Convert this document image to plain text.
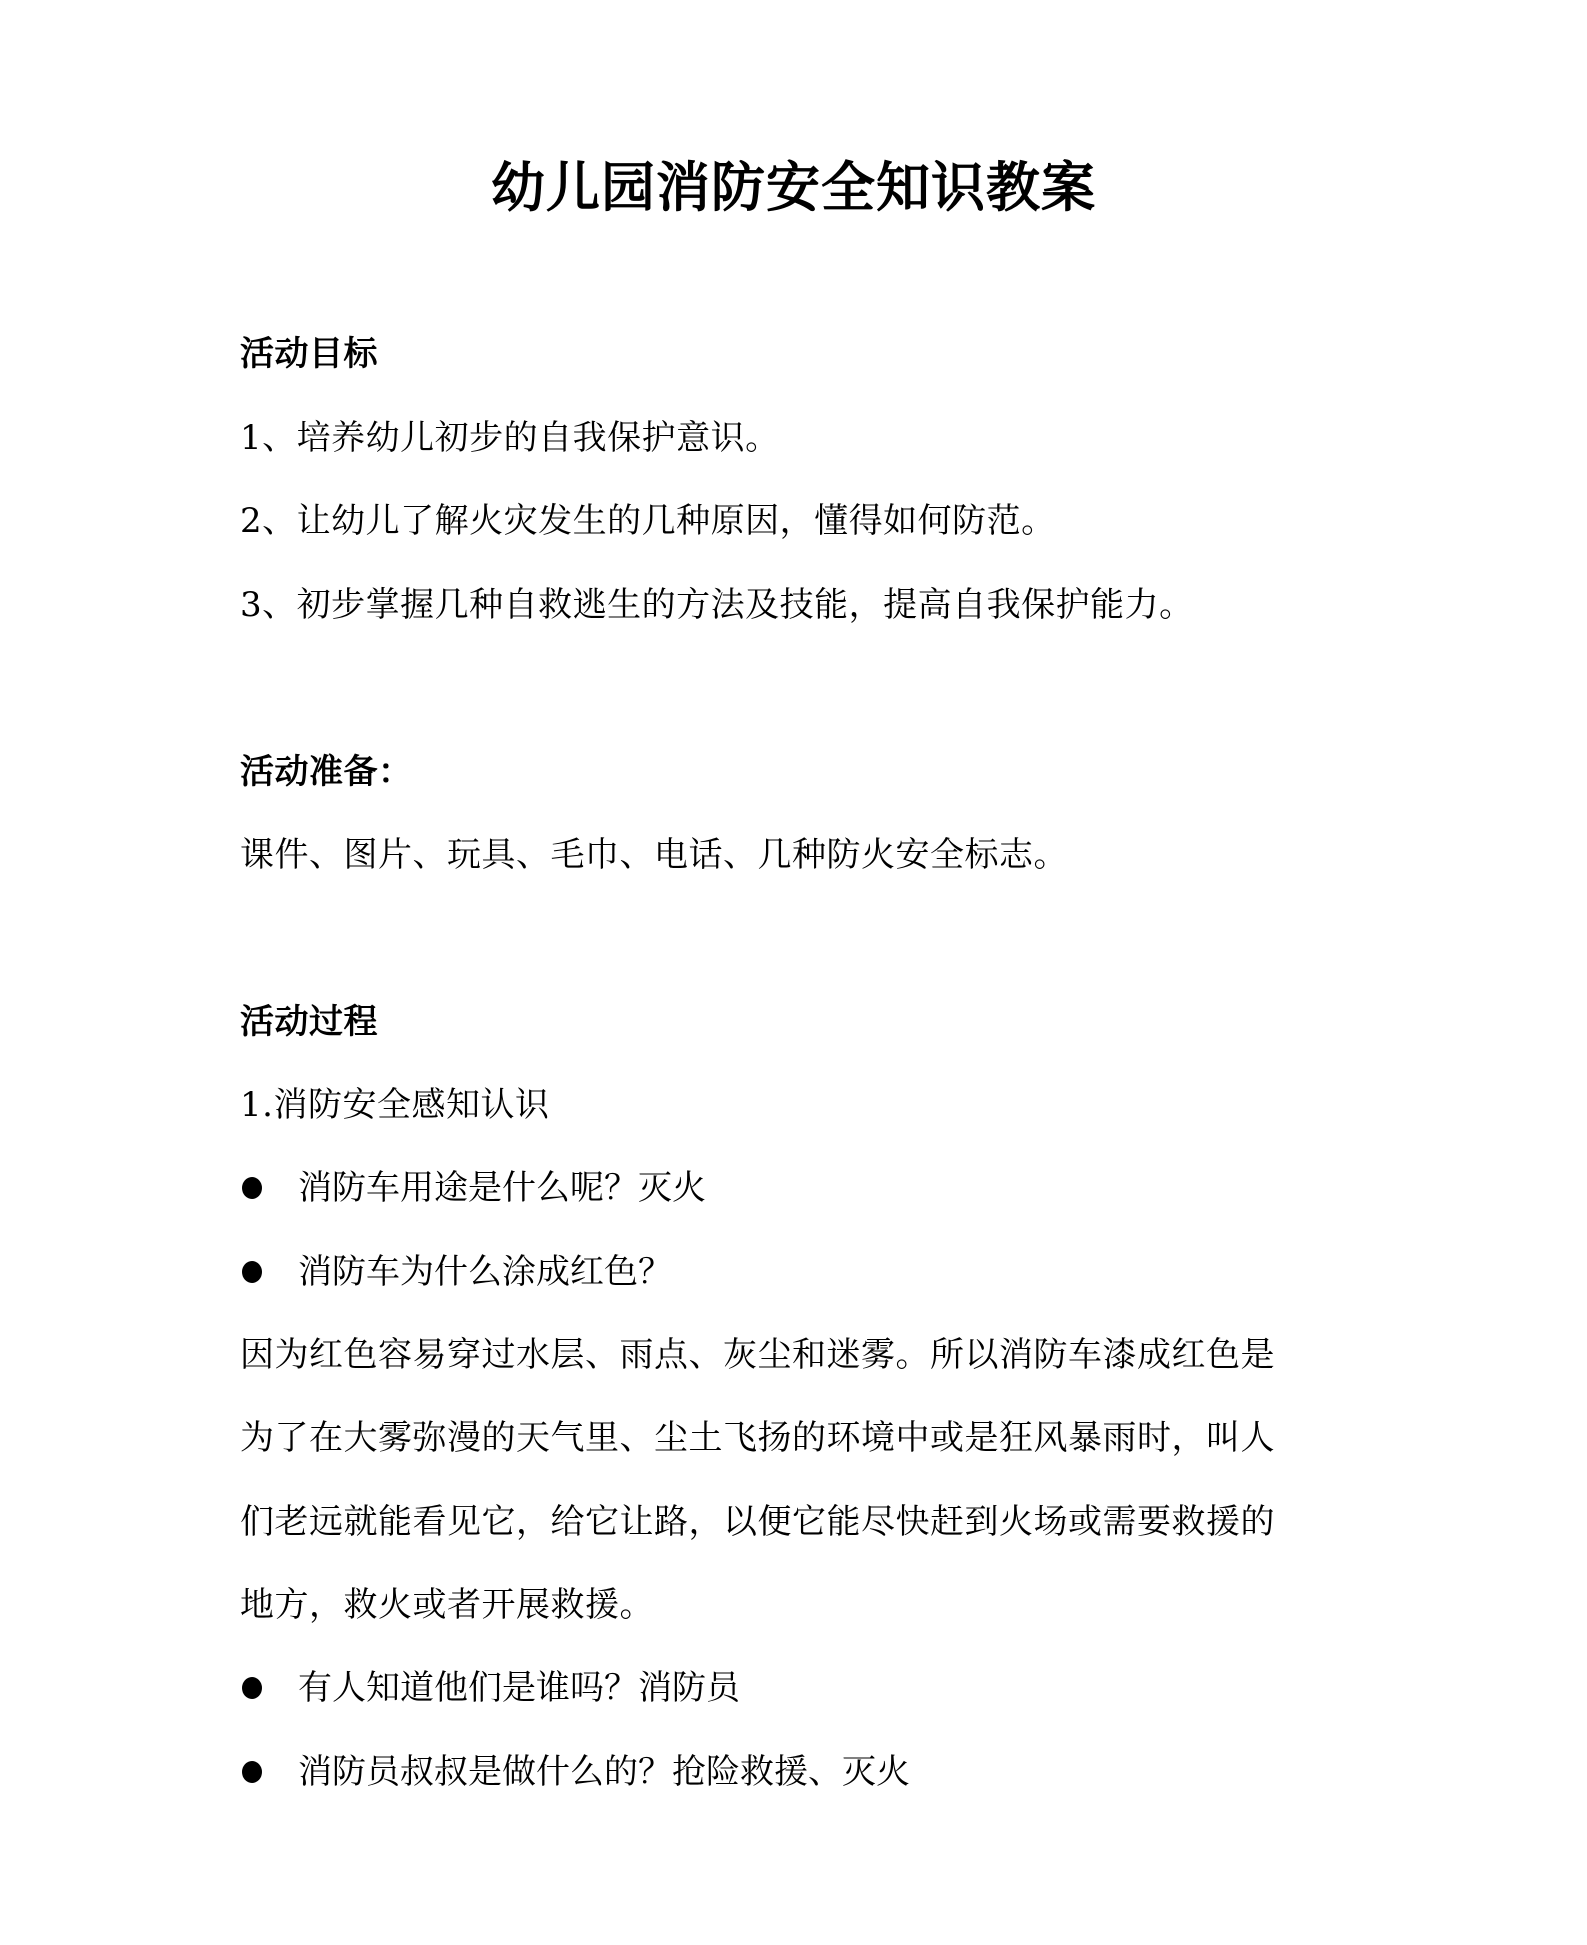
幼儿园消防安全知识教案
活动目标
1、培养幼儿初步的自我保护意识。
2、让幼儿了解火灾发生的几种原因，懂得如何防范。
3、初步掌握几种自救逃生的方法及技能，提高自我保护能力。
活动准备：
课件、图片、玩具、毛巾、电话、几种防火安全标志。
活动过程
1.消防安全感知认识
消防车用途是什么呢？灭火
消防车为什么涂成红色？
因为红色容易穿过水层、雨点、灰尘和迷雾。所以消防车漆成红色是
为了在大雾弥漫的天气里、尘土飞扬的环境中或是狂风暴雨时，叫人
们老远就能看见它，给它让路，以便它能尽快赶到火场或需要救援的
地方，救火或者开展救援。
有人知道他们是谁吗？消防员
消防员叔叔是做什么的？抢险救援、灭火
